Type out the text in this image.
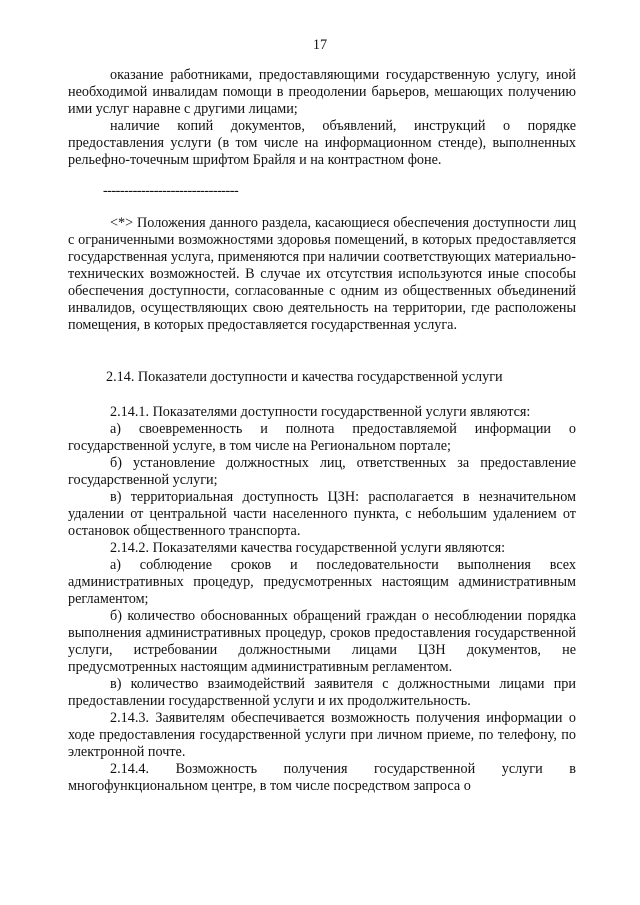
17

оказание работниками, предоставляющими государственную услугу, иной необходимой инвалидам помощи в преодолении барьеров, мешающих получению ими услуг наравне с другими лицами;

наличие копий документов, объявлений, инструкций о порядке предоставления услуги (в том числе на информационном стенде), выполненных рельефно-точечным шрифтом Брайля и на контрастном фоне.

--------------------------------

<*> Положения данного раздела, касающиеся обеспечения доступности лиц с ограниченными возможностями здоровья помещений, в которых предоставляется государственная услуга, применяются при наличии соответствующих материально-технических возможностей. В случае их отсутствия используются иные способы обеспечения доступности, согласованные с одним из общественных объединений инвалидов, осуществляющих свою деятельность на территории, где расположены помещения, в которых предоставляется государственная услуга.

2.14. Показатели доступности и качества государственной услуги

2.14.1. Показателями доступности государственной услуги являются:

а) своевременность и полнота предоставляемой информации о государственной услуге, в том числе на Региональном портале;

б) установление должностных лиц, ответственных за предоставление государственной услуги;

в) территориальная доступность ЦЗН: располагается в незначительном удалении от центральной части населенного пункта, с небольшим удалением от остановок общественного транспорта.

2.14.2. Показателями качества государственной услуги являются:

а) соблюдение сроков и последовательности выполнения всех административных процедур, предусмотренных настоящим административным регламентом;

б) количество обоснованных обращений граждан о несоблюдении порядка выполнения административных процедур, сроков предоставления государственной услуги, истребовании должностными лицами ЦЗН документов, не предусмотренных настоящим административным регламентом.

в) количество взаимодействий заявителя с должностными лицами при предоставлении государственной услуги и их продолжительность.

2.14.3. Заявителям обеспечивается возможность получения информации о ходе предоставления государственной услуги при личном приеме, по телефону, по электронной почте.

2.14.4. Возможность получения государственной услуги в многофункциональном центре, в том числе посредством запроса о
